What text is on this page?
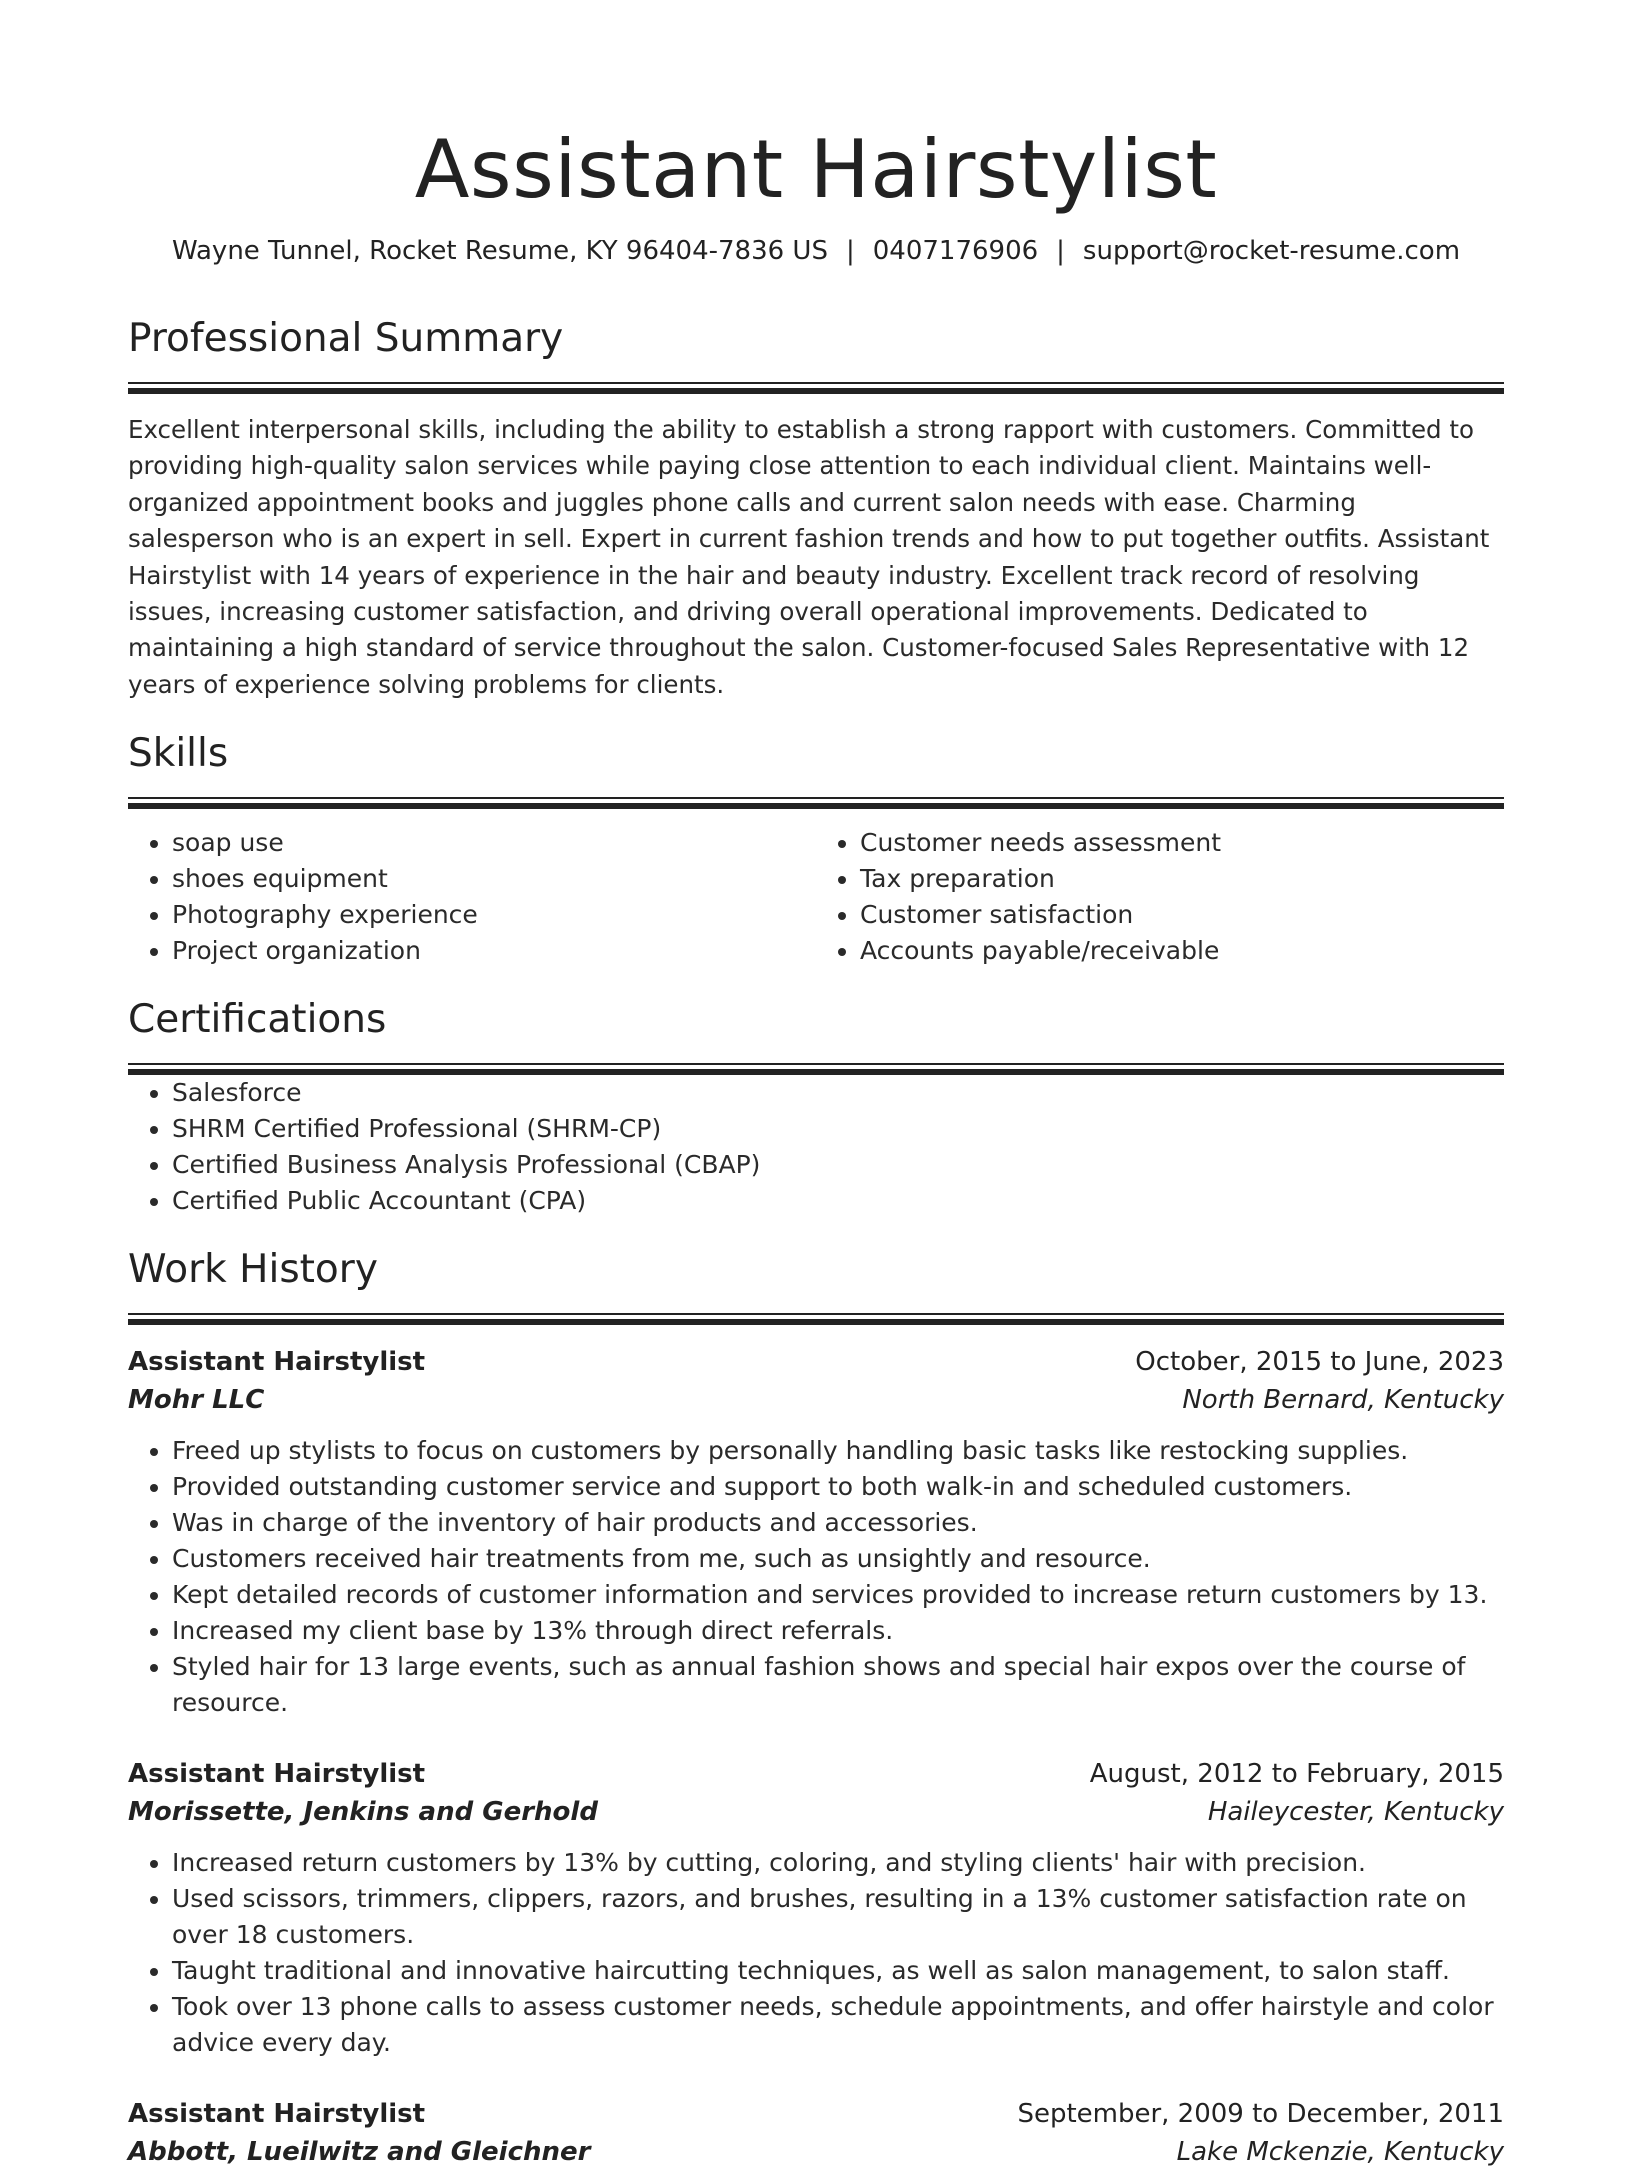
Assistant Hairstylist
Wayne Tunnel, Rocket Resume, KY 96404-7836 US | 0407176906 | support@rocket-resume.com
Professional Summary

Excellent interpersonal skills, including the ability to establish a strong rapport with customers. Committed to providing high-quality salon services while paying close attention to each individual client. Maintains well-organized appointment books and juggles phone calls and current salon needs with ease. Charming salesperson who is an expert in sell. Expert in current fashion trends and how to put together outfits. Assistant Hairstylist with 14 years of experience in the hair and beauty industry. Excellent track record of resolving issues, increasing customer satisfaction, and driving overall operational improvements. Dedicated to maintaining a high standard of service throughout the salon. Customer-focused Sales Representative with 12 years of experience solving problems for clients.

Skills
• soap use
• shoes equipment
• Photography experience
• Project organization
• Customer needs assessment
• Tax preparation
• Customer satisfaction
• Accounts payable/receivable
Certifications
• Salesforce
• SHRM Certified Professional (SHRM-CP)
• Certified Business Analysis Professional (CBAP)
• Certified Public Accountant (CPA)
Work History
Assistant Hairstylist	October, 2015 to June, 2023
Mohr LLC	North Bernard, Kentucky
• Freed up stylists to focus on customers by personally handling basic tasks like restocking supplies.
• Provided outstanding customer service and support to both walk-in and scheduled customers.
• Was in charge of the inventory of hair products and accessories.
• Customers received hair treatments from me, such as unsightly and resource.
• Kept detailed records of customer information and services provided to increase return customers by 13.
• Increased my client base by 13% through direct referrals.
• Styled hair for 13 large events, such as annual fashion shows and special hair expos over the course of resource.
Assistant Hairstylist	August, 2012 to February, 2015
Morissette, Jenkins and Gerhold	Haileycester, Kentucky
• Increased return customers by 13% by cutting, coloring, and styling clients' hair with precision.
• Used scissors, trimmers, clippers, razors, and brushes, resulting in a 13% customer satisfaction rate on over 18 customers.
• Taught traditional and innovative haircutting techniques, as well as salon management, to salon staff.
• Took over 13 phone calls to assess customer needs, schedule appointments, and offer hairstyle and color advice every day.
Assistant Hairstylist	September, 2009 to December, 2011
Abbott, Lueilwitz and Gleichner	Lake Mckenzie, Kentucky
